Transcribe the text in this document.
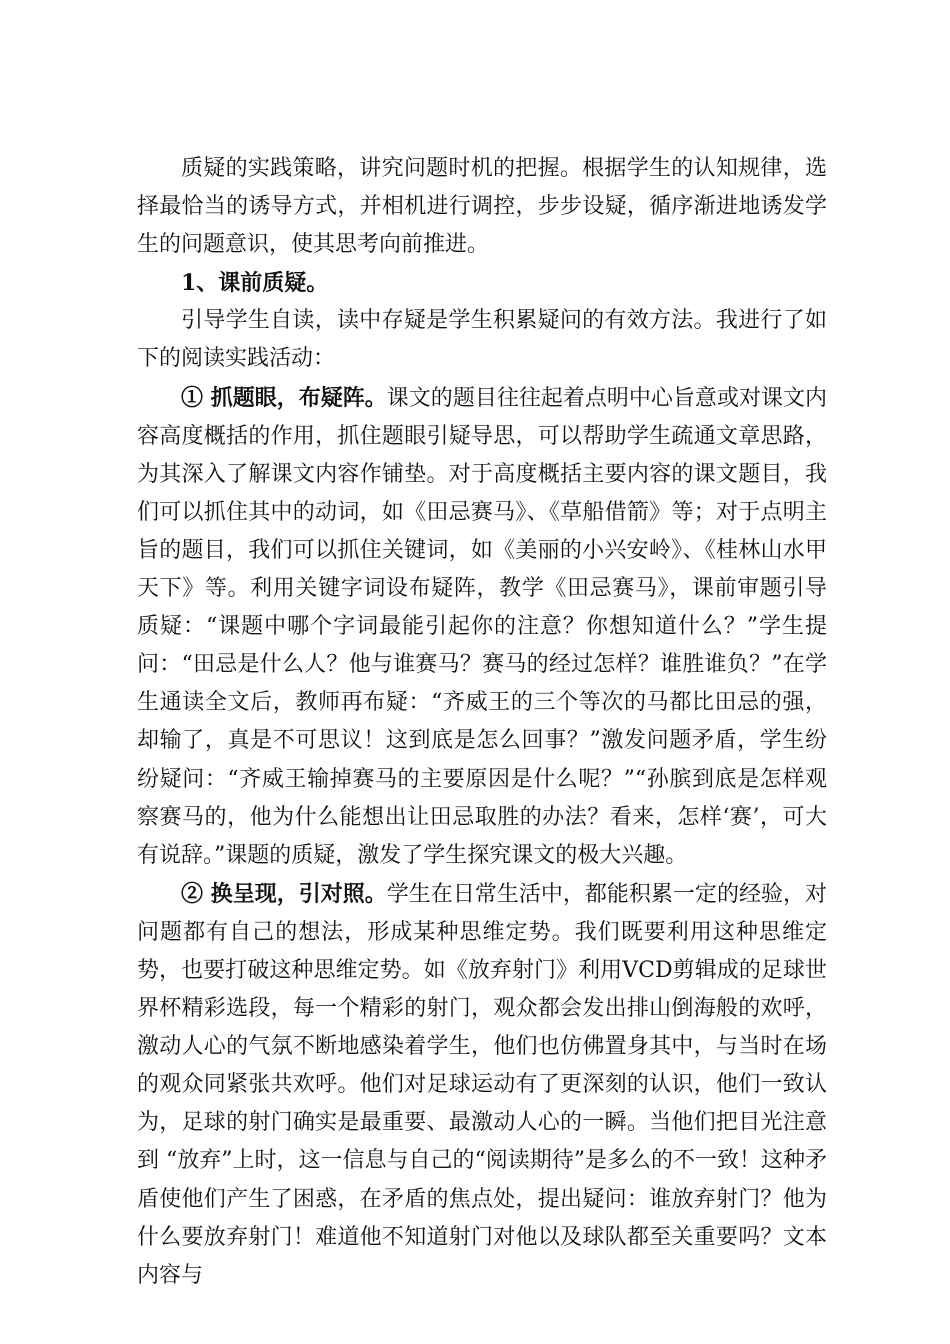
质疑的实践策略，讲究问题时机的把握。根据学生的认知规律，选择最恰当的诱导方式，并相机进行调控，步步设疑，循序渐进地诱发学生的问题意识，使其思考向前推进。

1、课前质疑。

引导学生自读，读中存疑是学生积累疑问的有效方法。我进行了如下的阅读实践活动：

① 抓题眼，布疑阵。课文的题目往往起着点明中心旨意或对课文内容高度概括的作用，抓住题眼引疑导思，可以帮助学生疏通文章思路，为其深入了解课文内容作铺垫。对于高度概括主要内容的课文题目，我们可以抓住其中的动词，如《田忌赛马》、《草船借箭》等；对于点明主旨的题目，我们可以抓住关键词，如《美丽的小兴安岭》、《桂林山水甲天下》等。利用关键字词设布疑阵，教学《田忌赛马》，课前审题引导质疑：“课题中哪个字词最能引起你的注意？你想知道什么？”学生提问：“田忌是什么人？他与谁赛马？赛马的经过怎样？谁胜谁负？”在学生通读全文后，教师再布疑：“齐威王的三个等次的马都比田忌的强，却输了，真是不可思议！这到底是怎么回事？”激发问题矛盾，学生纷纷疑问：“齐威王输掉赛马的主要原因是什么呢？”“孙膑到底是怎样观察赛马的，他为什么能想出让田忌取胜的办法？看来，怎样‘赛’，可大有说辞。”课题的质疑，激发了学生探究课文的极大兴趣。

② 换呈现，引对照。学生在日常生活中，都能积累一定的经验，对问题都有自己的想法，形成某种思维定势。我们既要利用这种思维定势，也要打破这种思维定势。如《放弃射门》利用VCD剪辑成的足球世界杯精彩选段，每一个精彩的射门，观众都会发出排山倒海般的欢呼，激动人心的气氛不断地感染着学生，他们也仿佛置身其中，与当时在场的观众同紧张共欢呼。他们对足球运动有了更深刻的认识，他们一致认为，足球的射门确实是最重要、最激动人心的一瞬。当他们把目光注意到 “放弃”上时，这一信息与自己的“阅读期待”是多么的不一致！这种矛盾使他们产生了困惑，在矛盾的焦点处，提出疑问：谁放弃射门？他为什么要放弃射门！难道他不知道射门对他以及球队都至关重要吗？文本内容与
